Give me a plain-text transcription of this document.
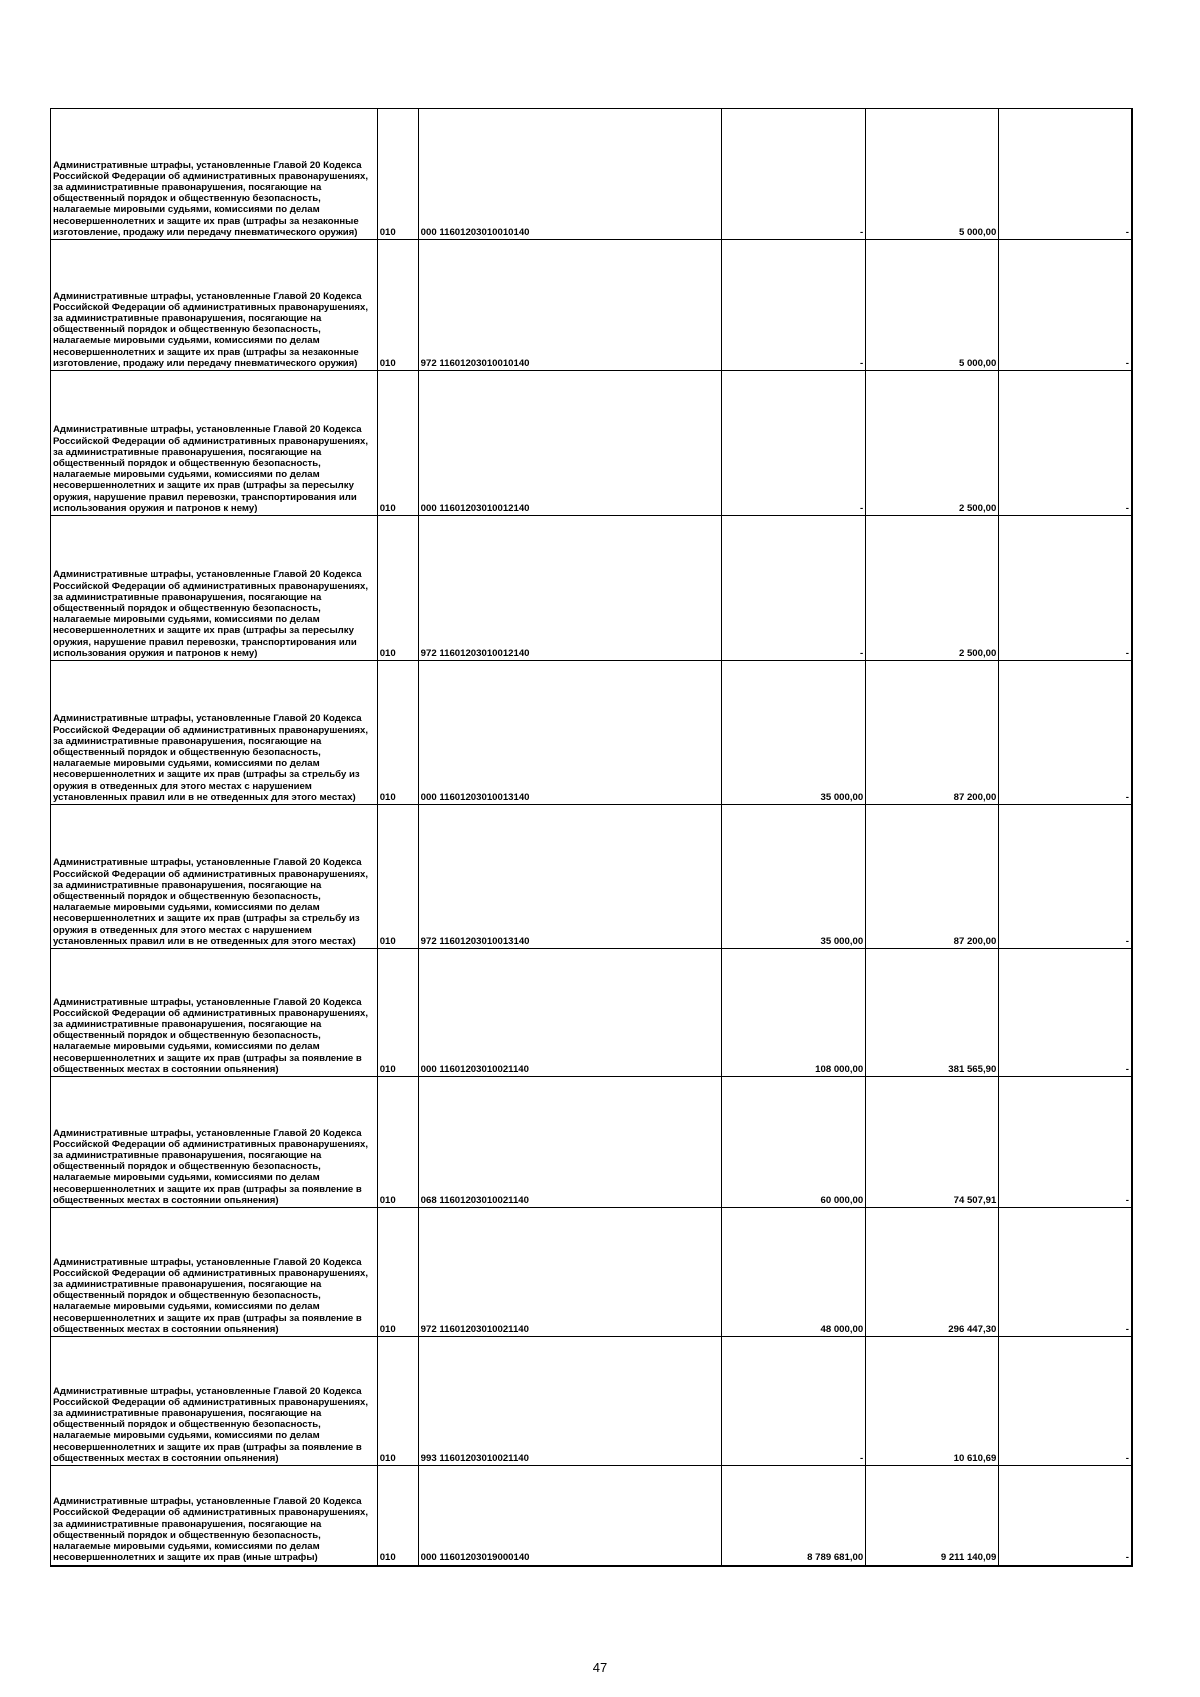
Административные штрафы, установленные Главой 20 Кодекса Российской Федерации об административных правонарушениях, за административные правонарушения, посягающие на общественный порядок и общественную безопасность, налагаемые мировыми судьями, комиссиями по делам несовершеннолетних и защите их прав (штрафы за незаконные изготовление, продажу или передачу пневматического оружия)	010	000 11601203010010140	-	5 000,00	-
Административные штрафы, установленные Главой 20 Кодекса Российской Федерации об административных правонарушениях, за административные правонарушения, посягающие на общественный порядок и общественную безопасность, налагаемые мировыми судьями, комиссиями по делам несовершеннолетних и защите их прав (штрафы за незаконные изготовление, продажу или передачу пневматического оружия)	010	972 11601203010010140	-	5 000,00	-
Административные штрафы, установленные Главой 20 Кодекса Российской Федерации об административных правонарушениях, за административные правонарушения, посягающие на общественный порядок и общественную безопасность, налагаемые мировыми судьями, комиссиями по делам несовершеннолетних и защите их прав (штрафы за пересылку оружия, нарушение правил перевозки, транспортирования или использования оружия и патронов к нему)	010	000 11601203010012140	-	2 500,00	-
Административные штрафы, установленные Главой 20 Кодекса Российской Федерации об административных правонарушениях, за административные правонарушения, посягающие на общественный порядок и общественную безопасность, налагаемые мировыми судьями, комиссиями по делам несовершеннолетних и защите их прав (штрафы за пересылку оружия, нарушение правил перевозки, транспортирования или использования оружия и патронов к нему)	010	972 11601203010012140	-	2 500,00	-
Административные штрафы, установленные Главой 20 Кодекса Российской Федерации об административных правонарушениях, за административные правонарушения, посягающие на общественный порядок и общественную безопасность, налагаемые мировыми судьями, комиссиями по делам несовершеннолетних и защите их прав (штрафы за стрельбу из оружия в отведенных для этого местах с нарушением установленных правил или в не отведенных для этого местах)	010	000 11601203010013140	35 000,00	87 200,00	-
Административные штрафы, установленные Главой 20 Кодекса Российской Федерации об административных правонарушениях, за административные правонарушения, посягающие на общественный порядок и общественную безопасность, налагаемые мировыми судьями, комиссиями по делам несовершеннолетних и защите их прав (штрафы за стрельбу из оружия в отведенных для этого местах с нарушением установленных правил или в не отведенных для этого местах)	010	972 11601203010013140	35 000,00	87 200,00	-
Административные штрафы, установленные Главой 20 Кодекса Российской Федерации об административных правонарушениях, за административные правонарушения, посягающие на общественный порядок и общественную безопасность, налагаемые мировыми судьями, комиссиями по делам несовершеннолетних и защите их прав (штрафы за появление в общественных местах в состоянии опьянения)	010	000 11601203010021140	108 000,00	381 565,90	-
Административные штрафы, установленные Главой 20 Кодекса Российской Федерации об административных правонарушениях, за административные правонарушения, посягающие на общественный порядок и общественную безопасность, налагаемые мировыми судьями, комиссиями по делам несовершеннолетних и защите их прав (штрафы за появление в общественных местах в состоянии опьянения)	010	068 11601203010021140	60 000,00	74 507,91	-
Административные штрафы, установленные Главой 20 Кодекса Российской Федерации об административных правонарушениях, за административные правонарушения, посягающие на общественный порядок и общественную безопасность, налагаемые мировыми судьями, комиссиями по делам несовершеннолетних и защите их прав (штрафы за появление в общественных местах в состоянии опьянения)	010	972 11601203010021140	48 000,00	296 447,30	-
Административные штрафы, установленные Главой 20 Кодекса Российской Федерации об административных правонарушениях, за административные правонарушения, посягающие на общественный порядок и общественную безопасность, налагаемые мировыми судьями, комиссиями по делам несовершеннолетних и защите их прав (штрафы за появление в общественных местах в состоянии опьянения)	010	993 11601203010021140	-	10 610,69	-
Административные штрафы, установленные Главой 20 Кодекса Российской Федерации об административных правонарушениях, за административные правонарушения, посягающие на общественный порядок и общественную безопасность, налагаемые мировыми судьями, комиссиями по делам несовершеннолетних и защите их прав (иные штрафы)	010	000 11601203019000140	8 789 681,00	9 211 140,09	-
47
